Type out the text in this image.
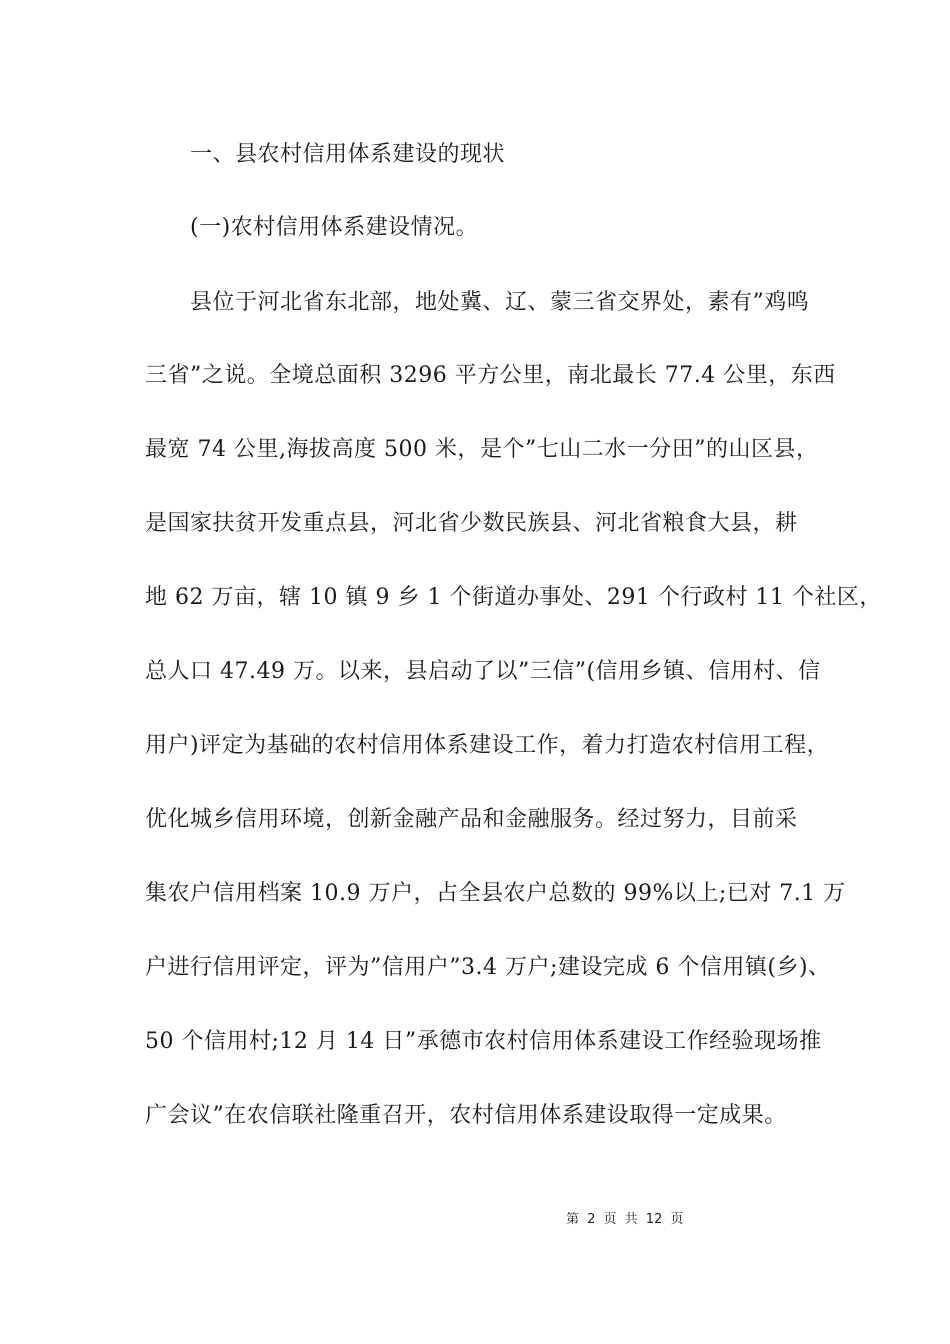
一、县农村信用体系建设的现状
(一)农村信用体系建设情况。
县位于河北省东北部，地处冀、辽、蒙三省交界处，素有”鸡鸣
三省”之说。全境总面积 3296 平方公里，南北最长 77.4 公里，东西
最宽 74 公里,海拔高度 500 米，是个”七山二水一分田”的山区县，
是国家扶贫开发重点县，河北省少数民族县、河北省粮食大县，耕
地 62 万亩，辖 10 镇 9 乡 1 个街道办事处、291 个行政村 11 个社区，
总人口 47.49 万。以来，县启动了以”三信”(信用乡镇、信用村、信
用户)评定为基础的农村信用体系建设工作，着力打造农村信用工程，
优化城乡信用环境，创新金融产品和金融服务。经过努力，目前采
集农户信用档案 10.9 万户，占全县农户总数的 99%以上;已对 7.1 万
户进行信用评定，评为”信用户”3.4 万户;建设完成 6 个信用镇(乡)、
50 个信用村;12 月 14 日”承德市农村信用体系建设工作经验现场推
广会议”在农信联社隆重召开，农村信用体系建设取得一定成果。
第 2 页 共 12 页
